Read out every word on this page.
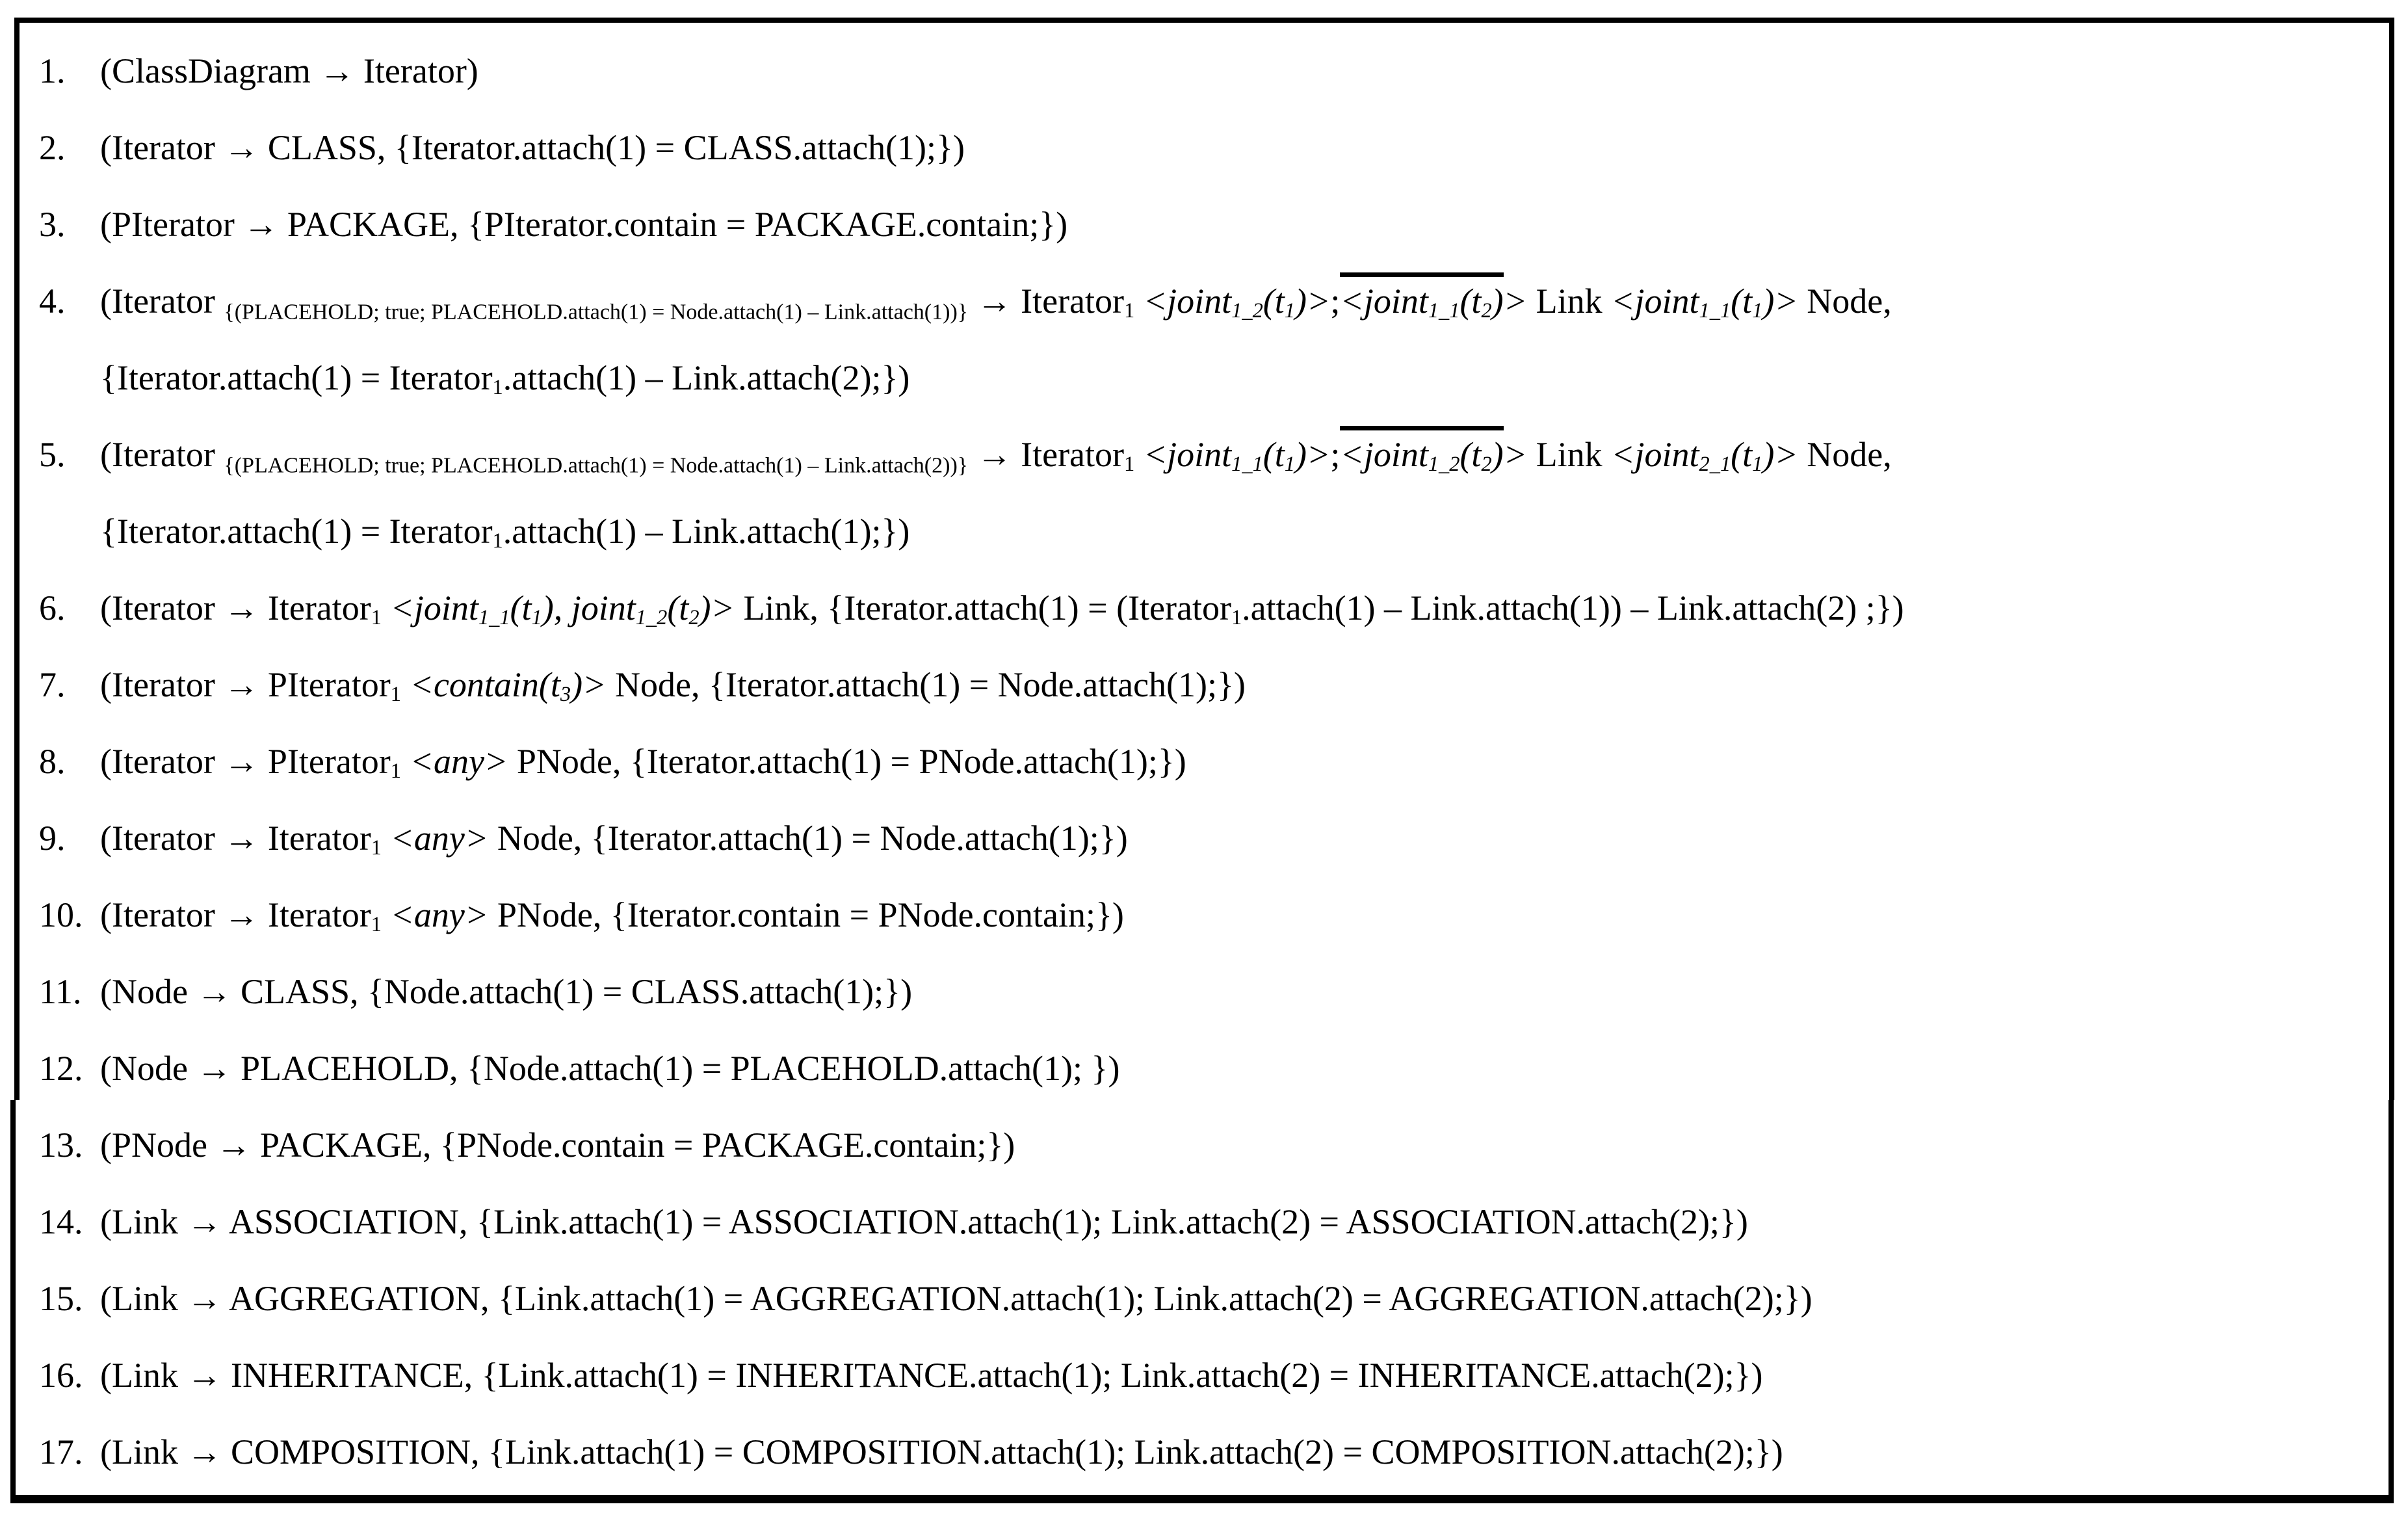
1. (ClassDiagram → Iterator)
2. (Iterator → CLASS, {Iterator.attach(1) = CLASS.attach(1);})
3. (PIterator → PACKAGE, {PIterator.contain = PACKAGE.contain;})
4. (Iterator {(PLACEHOLD; true; PLACEHOLD.attach(1) = Node.attach(1) – Link.attach(1))} → Iterator1 <joint1_2(t1)>;<joint1_1(t2)> Link <joint1_1(t1)> Node,
{Iterator.attach(1) = Iterator1.attach(1) – Link.attach(2);})
5. (Iterator {(PLACEHOLD; true; PLACEHOLD.attach(1) = Node.attach(1) – Link.attach(2))} → Iterator1 <joint1_1(t1)>;<joint1_2(t2)> Link <joint2_1(t1)> Node,
{Iterator.attach(1) = Iterator1.attach(1) – Link.attach(1);})
6. (Iterator → Iterator1 <joint1_1(t1), joint1_2(t2)> Link, {Iterator.attach(1) = (Iterator1.attach(1) – Link.attach(1)) – Link.attach(2) ;})
7. (Iterator → PIterator1 <contain(t3)> Node, {Iterator.attach(1) = Node.attach(1);})
8. (Iterator → PIterator1 <any> PNode, {Iterator.attach(1) = PNode.attach(1);})
9. (Iterator → Iterator1 <any> Node, {Iterator.attach(1) = Node.attach(1);})
10. (Iterator → Iterator1 <any> PNode, {Iterator.contain = PNode.contain;})
11. (Node → CLASS, {Node.attach(1) = CLASS.attach(1);})
12. (Node → PLACEHOLD, {Node.attach(1) = PLACEHOLD.attach(1); })
13. (PNode → PACKAGE, {PNode.contain = PACKAGE.contain;})
14. (Link → ASSOCIATION, {Link.attach(1) = ASSOCIATION.attach(1); Link.attach(2) = ASSOCIATION.attach(2);})
15. (Link → AGGREGATION, {Link.attach(1) = AGGREGATION.attach(1); Link.attach(2) = AGGREGATION.attach(2);})
16. (Link → INHERITANCE, {Link.attach(1) = INHERITANCE.attach(1); Link.attach(2) = INHERITANCE.attach(2);})
17. (Link → COMPOSITION, {Link.attach(1) = COMPOSITION.attach(1); Link.attach(2) = COMPOSITION.attach(2);})
